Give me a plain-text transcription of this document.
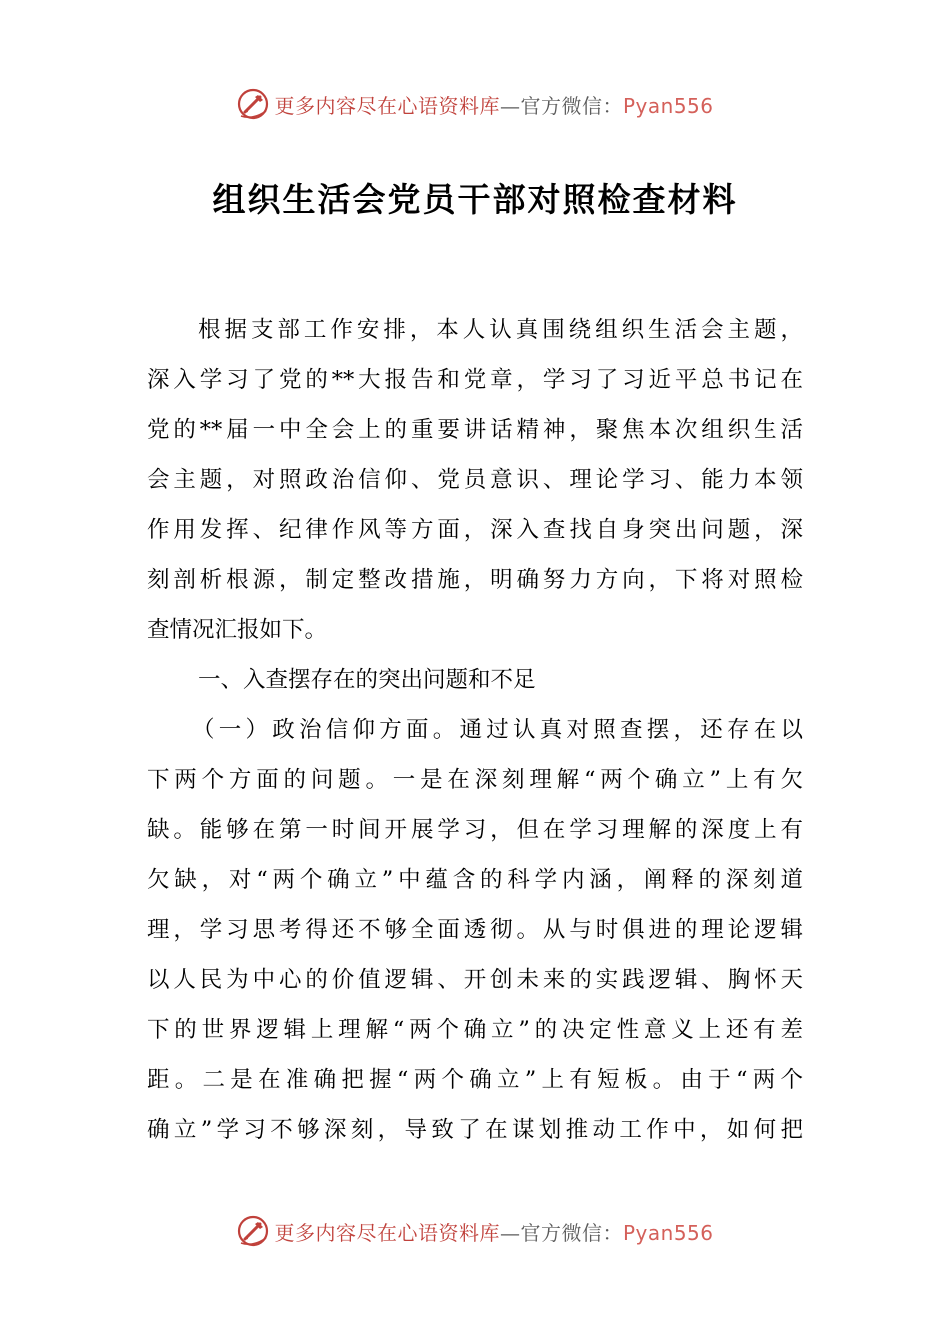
更多内容尽在心语资料库—官方微信：Pyan556
组织生活会党员干部对照检查材料
根据支部工作安排，本人认真围绕组织生活会主题，
深入学习了党的**大报告和党章，学习了习近平总书记在
党的**届一中全会上的重要讲话精神，聚焦本次组织生活
会主题，对照政治信仰、党员意识、理论学习、能力本领
作用发挥、纪律作风等方面，深入查找自身突出问题，深
刻剖析根源，制定整改措施，明确努力方向，下将对照检
查情况汇报如下。
一、入查摆存在的突出问题和不足
（一）政治信仰方面。通过认真对照查摆，还存在以
下两个方面的问题。一是在深刻理解“两个确立”上有欠
缺。能够在第一时间开展学习，但在学习理解的深度上有
欠缺，对“两个确立”中蕴含的科学内涵，阐释的深刻道
理，学习思考得还不够全面透彻。从与时俱进的理论逻辑
以人民为中心的价值逻辑、开创未来的实践逻辑、胸怀天
下的世界逻辑上理解“两个确立”的决定性意义上还有差
距。二是在准确把握“两个确立”上有短板。由于“两个
确立”学习不够深刻，导致了在谋划推动工作中，如何把
更多内容尽在心语资料库—官方微信：Pyan556
